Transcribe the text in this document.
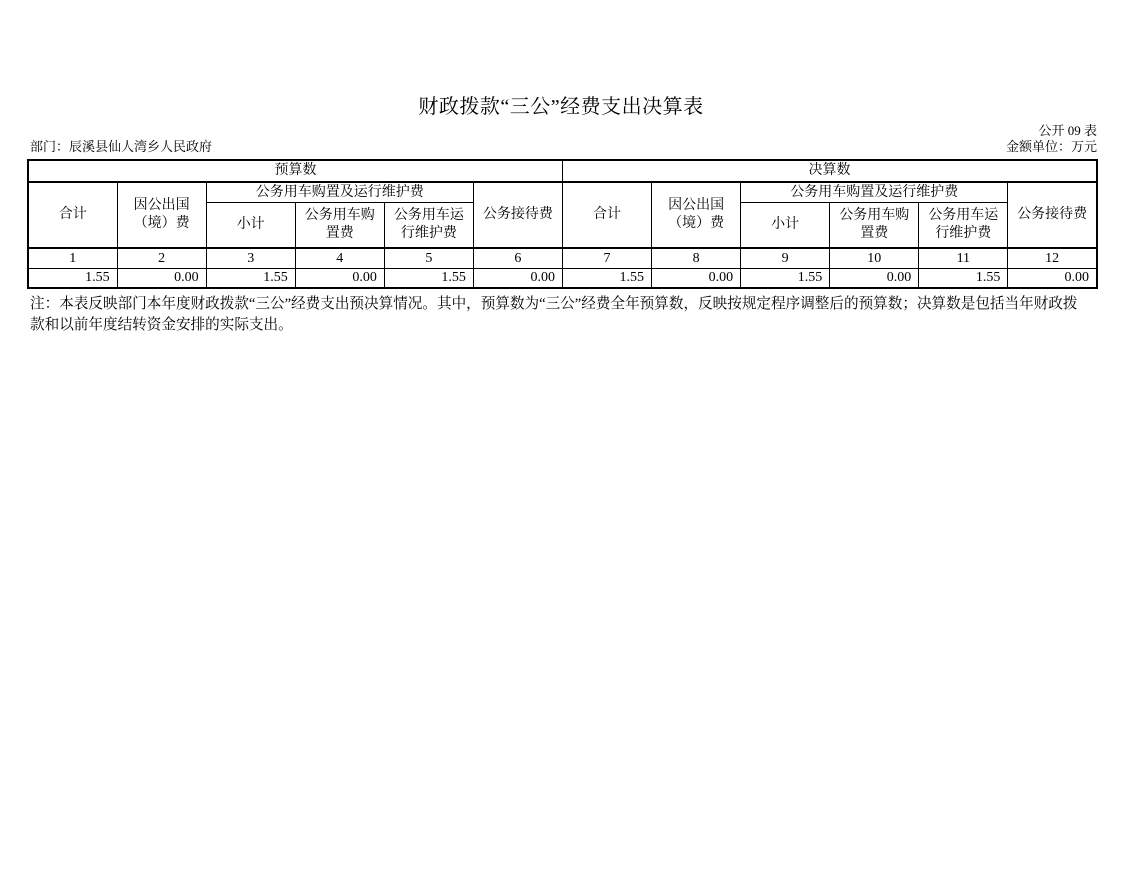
财政拨款“三公”经费支出决算表
公开 09 表
部门：辰溪县仙人湾乡人民政府	金额单位：万元
预算数						决算数					
合计	因公出国（境）费	公务用车购置及运行维护费			公务接待费	合计	因公出国（境）费	公务用车购置及运行维护费			公务接待费
		小计	公务用车购置费	公务用车运行维护费				小计	公务用车购置费	公务用车运行维护费	
1	2	3	4	5	6	7	8	9	10	11	12
1.55	0.00	1.55	0.00	1.55	0.00	1.55	0.00	1.55	0.00	1.55	0.00
注：本表反映部门本年度财政拨款“三公”经费支出预决算情况。其中，预算数为“三公”经费全年预算数，反映按规定程序调整后的预算数；决算数是包括当年财政拨款和以前年度结转资金安排的实际支出。
